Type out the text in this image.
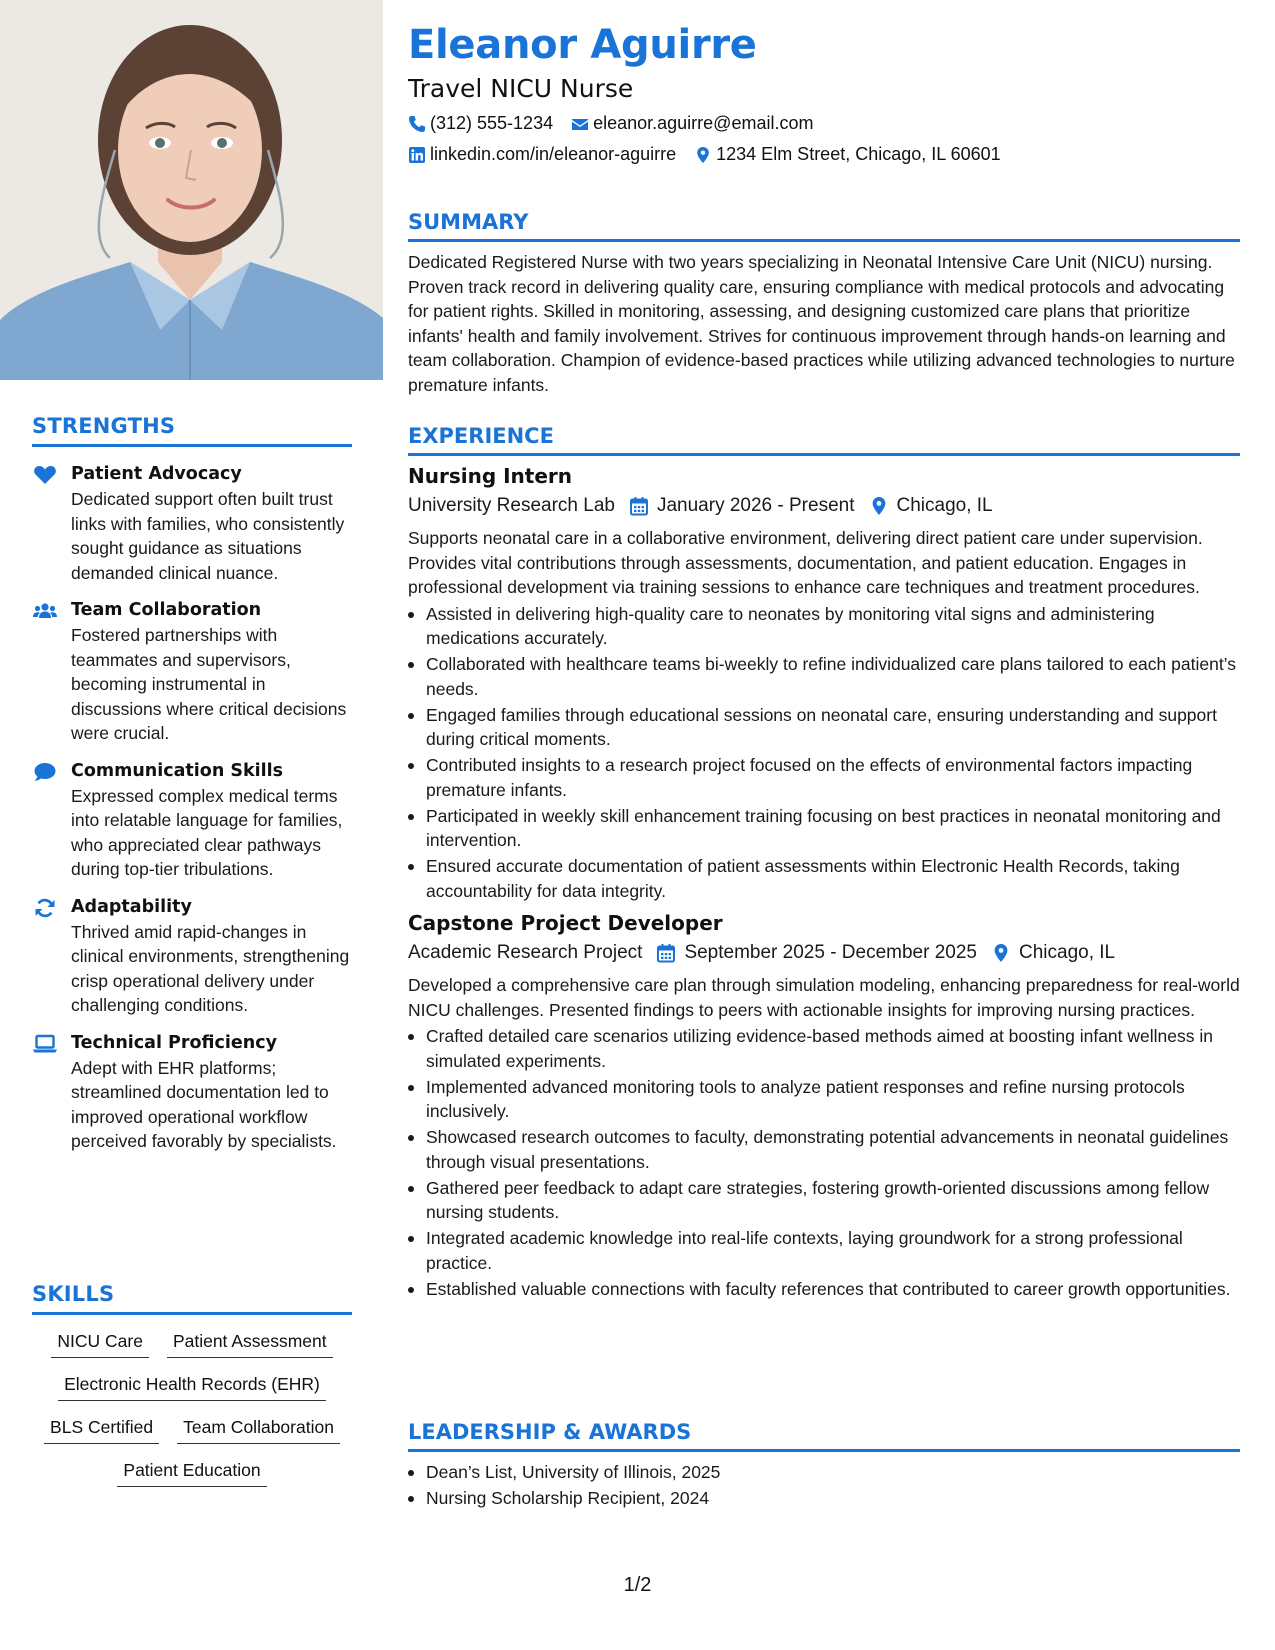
STRENGTHS
Patient Advocacy
Dedicated support often built trust links with families, who consistently sought guidance as situations demanded clinical nuance.
Team Collaboration
Fostered partnerships with teammates and supervisors, becoming instrumental in discussions where critical decisions were crucial.
Communication Skills
Expressed complex medical terms into relatable language for families, who appreciated clear pathways during top-tier tribulations.
Adaptability
Thrived amid rapid-changes in clinical environments, strengthening crisp operational delivery under challenging conditions.
Technical Proficiency
Adept with EHR platforms; streamlined documentation led to improved operational workflow perceived favorably by specialists.
SKILLS
NICU Care	Patient Assessment
Electronic Health Records (EHR)
BLS Certified	Team Collaboration
Patient Education
Eleanor Aguirre
Travel NICU Nurse
(312) 555-1234 eleanor.aguirre@email.com
linkedin.com/in/eleanor-aguirre 1234 Elm Street, Chicago, IL 60601
SUMMARY
Dedicated Registered Nurse with two years specializing in Neonatal Intensive Care Unit (NICU) nursing. Proven track record in delivering quality care, ensuring compliance with medical protocols and advocating for patient rights. Skilled in monitoring, assessing, and designing customized care plans that prioritize infants' health and family involvement. Strives for continuous improvement through hands-on learning and team collaboration. Champion of evidence-based practices while utilizing advanced technologies to nurture premature infants.
EXPERIENCE
Nursing Intern
University Research Lab January 2026 - Present Chicago, IL
Supports neonatal care in a collaborative environment, delivering direct patient care under supervision. Provides vital contributions through assessments, documentation, and patient education. Engages in professional development via training sessions to enhance care techniques and treatment procedures.
Assisted in delivering high-quality care to neonates by monitoring vital signs and administering medications accurately.
Collaborated with healthcare teams bi-weekly to refine individualized care plans tailored to each patient’s needs.
Engaged families through educational sessions on neonatal care, ensuring understanding and support during critical moments.
Contributed insights to a research project focused on the effects of environmental factors impacting premature infants.
Participated in weekly skill enhancement training focusing on best practices in neonatal monitoring and intervention.
Ensured accurate documentation of patient assessments within Electronic Health Records, taking accountability for data integrity.
Capstone Project Developer
Academic Research Project September 2025 - December 2025 Chicago, IL
Developed a comprehensive care plan through simulation modeling, enhancing preparedness for real-world NICU challenges. Presented findings to peers with actionable insights for improving nursing practices.
Crafted detailed care scenarios utilizing evidence-based methods aimed at boosting infant wellness in simulated experiments.
Implemented advanced monitoring tools to analyze patient responses and refine nursing protocols inclusively.
Showcased research outcomes to faculty, demonstrating potential advancements in neonatal guidelines through visual presentations.
Gathered peer feedback to adapt care strategies, fostering growth-oriented discussions among fellow nursing students.
Integrated academic knowledge into real-life contexts, laying groundwork for a strong professional practice.
Established valuable connections with faculty references that contributed to career growth opportunities.
LEADERSHIP & AWARDS
Dean’s List, University of Illinois, 2025
Nursing Scholarship Recipient, 2024
1/2
